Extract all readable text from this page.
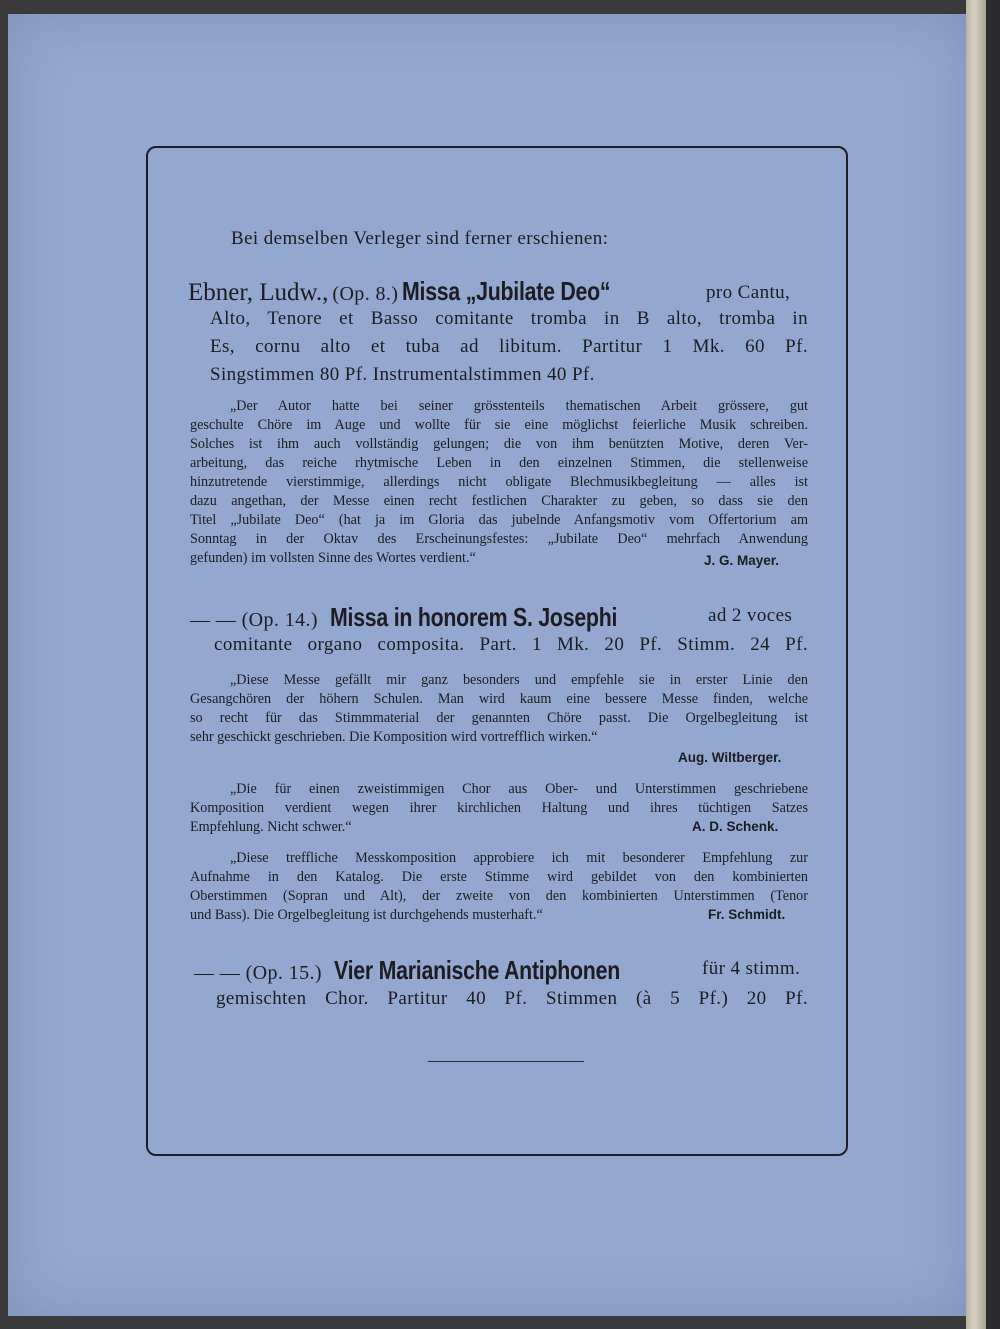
Bei demselben Verleger sind ferner erschienen:
Ebner, Ludw., (Op. 8.) Missa „Jubilate Deo“	pro Cantu,
Alto, Tenore et Basso comitante tromba in B alto, tromba in
Es, cornu alto et tuba ad libitum. Partitur 1 Mk. 60 Pf.
Singstimmen 80 Pf. Instrumentalstimmen 40 Pf.
„Der Autor hatte bei seiner grösstenteils thematischen Arbeit grössere, gut
geschulte Chöre im Auge und wollte für sie eine möglichst feierliche Musik schreiben.
Solches ist ihm auch vollständig gelungen; die von ihm benützten Motive, deren Ver-
arbeitung, das reiche rhytmische Leben in den einzelnen Stimmen, die stellenweise
hinzutretende vierstimmige, allerdings nicht obligate Blechmusikbegleitung — alles ist
dazu angethan, der Messe einen recht festlichen Charakter zu geben, so dass sie den
Titel „Jubilate Deo“ (hat ja im Gloria das jubelnde Anfangsmotiv vom Offertorium am
Sonntag in der Oktav des Erscheinungsfestes: „Jubilate Deo“ mehrfach Anwendung
gefunden) im vollsten Sinne des Wortes verdient.“	J. G. Mayer.
— — (Op. 14.) Missa in honorem S. Josephi	ad 2 voces
comitante organo composita. Part. 1 Mk. 20 Pf. Stimm. 24 Pf.
„Diese Messe gefällt mir ganz besonders und empfehle sie in erster Linie den
Gesangchören der höhern Schulen. Man wird kaum eine bessere Messe finden, welche
so recht für das Stimmmaterial der genannten Chöre passt. Die Orgelbegleitung ist
sehr geschickt geschrieben. Die Komposition wird vortrefflich wirken.“
Aug. Wiltberger.
„Die für einen zweistimmigen Chor aus Ober- und Unterstimmen geschriebene
Komposition verdient wegen ihrer kirchlichen Haltung und ihres tüchtigen Satzes
Empfehlung. Nicht schwer.“	A. D. Schenk.
„Diese treffliche Messkomposition approbiere ich mit besonderer Empfehlung zur
Aufnahme in den Katalog. Die erste Stimme wird gebildet von den kombinierten
Oberstimmen (Sopran und Alt), der zweite von den kombinierten Unterstimmen (Tenor
und Bass). Die Orgelbegleitung ist durchgehends musterhaft.“	Fr. Schmidt.
— — (Op. 15.) Vier Marianische Antiphonen	für 4 stimm.
gemischten Chor. Partitur 40 Pf. Stimmen (à 5 Pf.) 20 Pf.
